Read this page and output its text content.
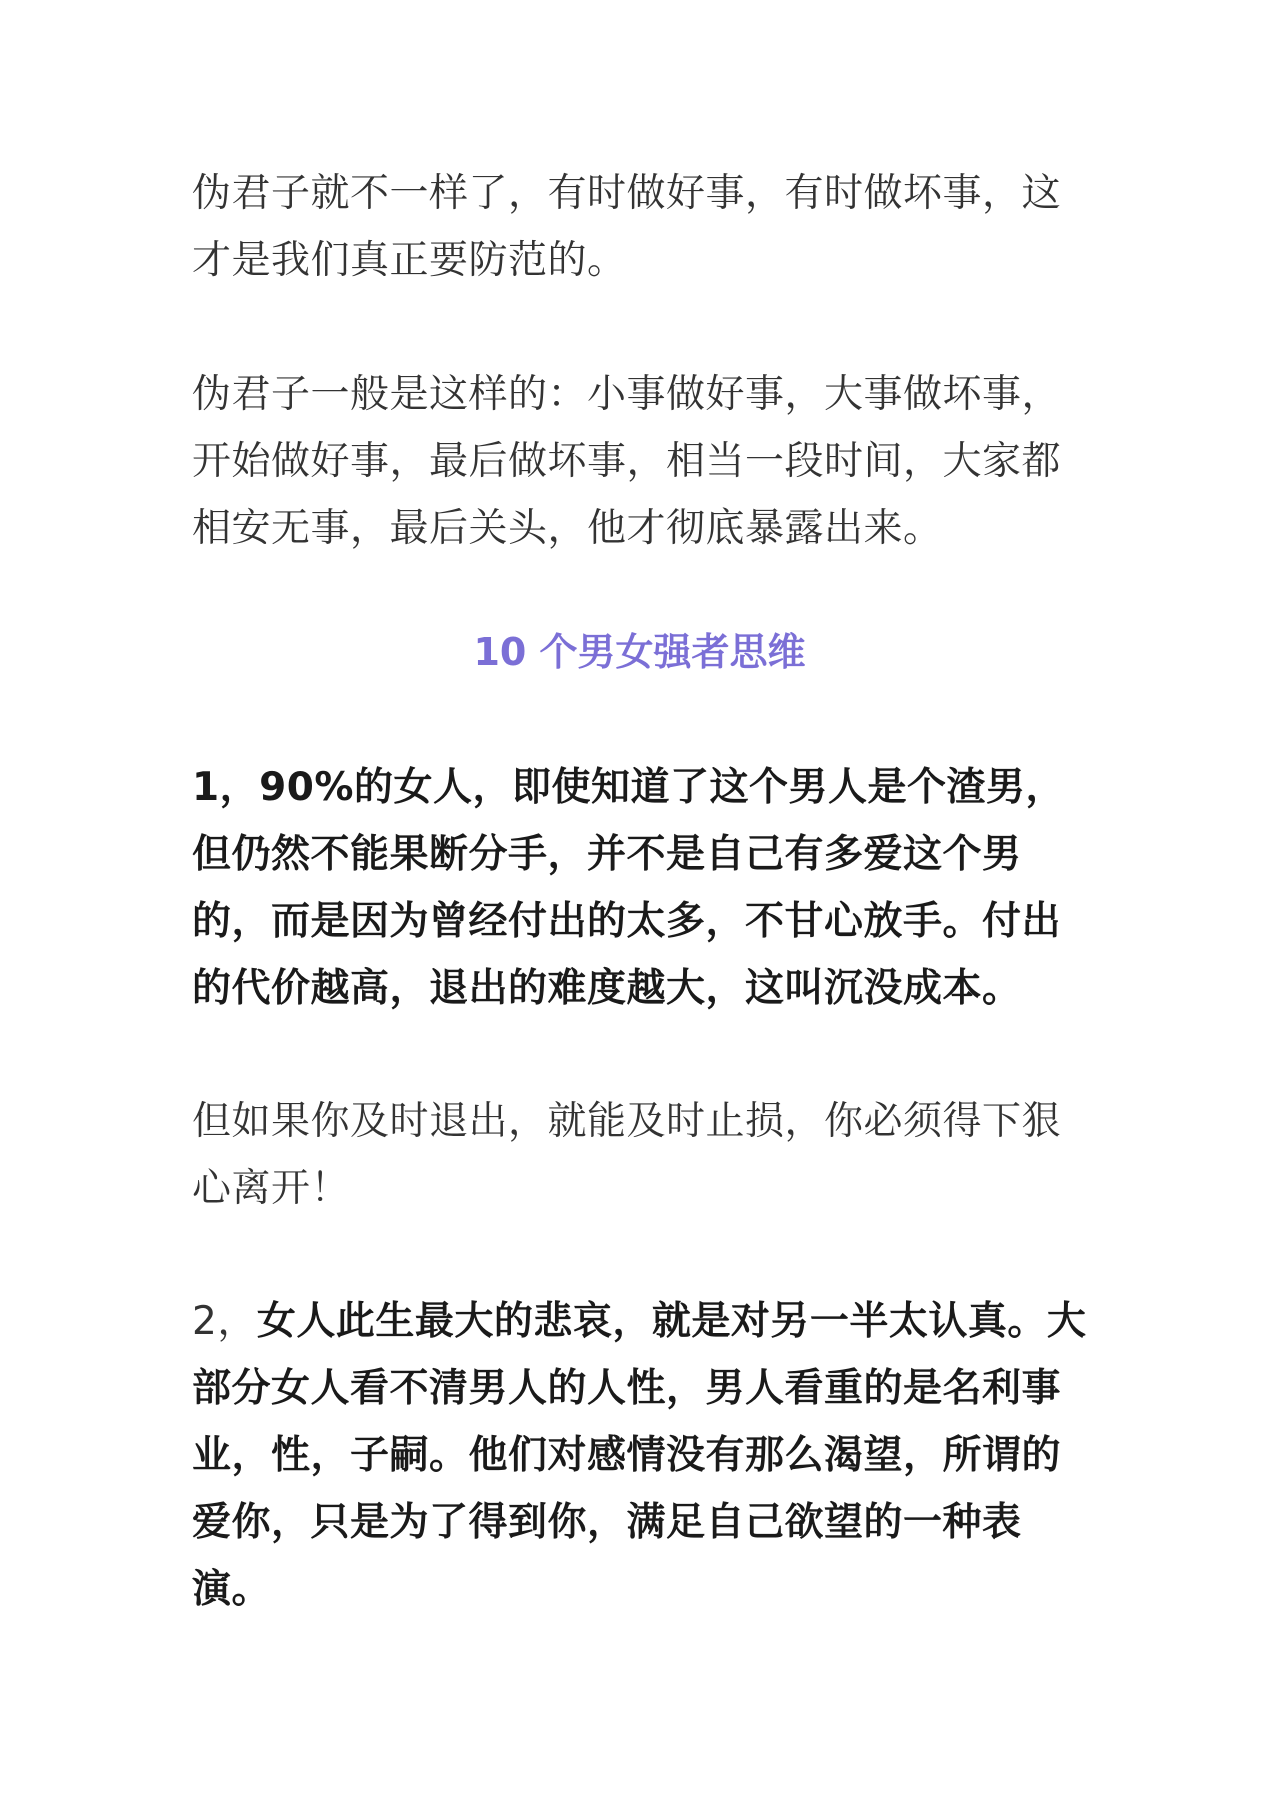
伪君子就不一样了，有时做好事，有时做坏事，这才是我们真正要防范的。

伪君子一般是这样的：小事做好事，大事做坏事，开始做好事，最后做坏事，相当一段时间，大家都相安无事，最后关头，他才彻底暴露出来。

10 个男女强者思维

1，90%的女人，即使知道了这个男人是个渣男，但仍然不能果断分手，并不是自己有多爱这个男的，而是因为曾经付出的太多，不甘心放手。付出的代价越高，退出的难度越大，这叫沉没成本。

但如果你及时退出，就能及时止损，你必须得下狠心离开！

2，女人此生最大的悲哀，就是对另一半太认真。大部分女人看不清男人的人性，男人看重的是名利事业，性，子嗣。他们对感情没有那么渴望，所谓的爱你，只是为了得到你，满足自己欲望的一种表演。
